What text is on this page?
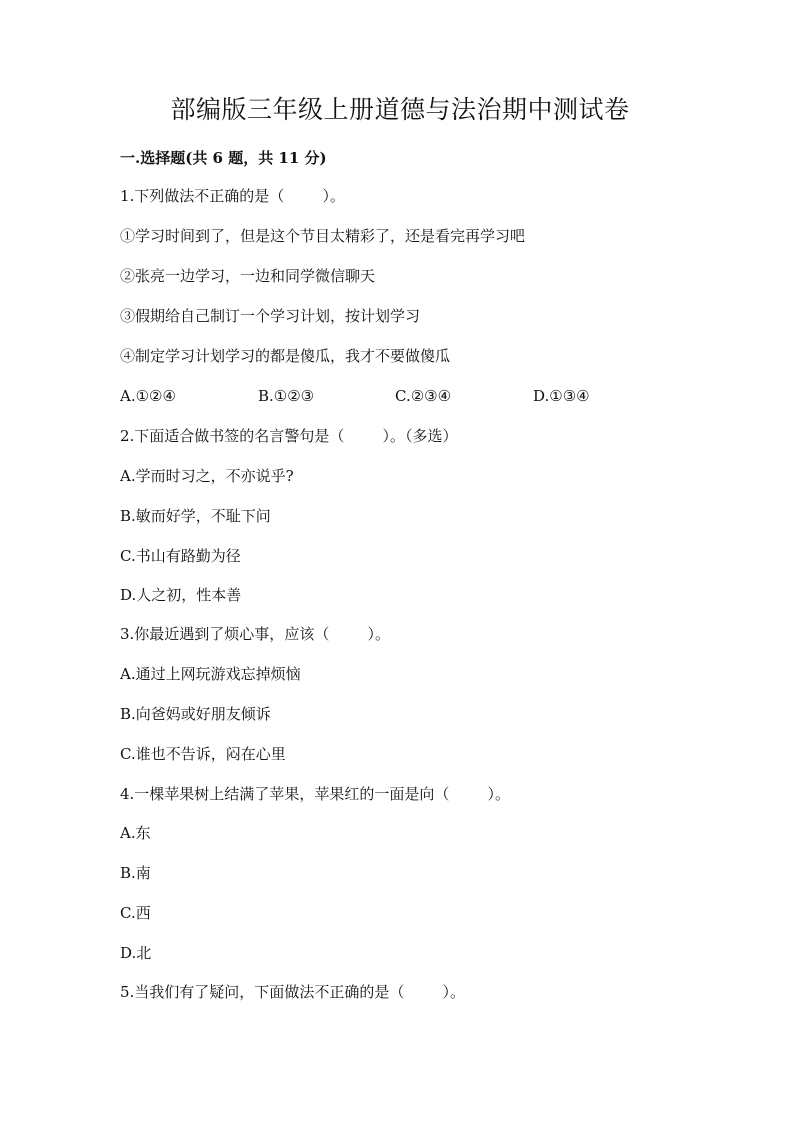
部编版三年级上册道德与法治期中测试卷
一.选择题(共 6 题，共 11 分)
1.下列做法不正确的是（        ）。
①学习时间到了，但是这个节目太精彩了，还是看完再学习吧
②张亮一边学习，一边和同学微信聊天
③假期给自己制订一个学习计划，按计划学习
④制定学习计划学习的都是傻瓜，我才不要做傻瓜
A.①②④	B.①②③	C.②③④	D.①③④
2.下面适合做书签的名言警句是（        ）。（多选）
A.学而时习之，不亦说乎?
B.敏而好学，不耻下问
C.书山有路勤为径
D.人之初，性本善
3.你最近遇到了烦心事，应该（        ）。
A.通过上网玩游戏忘掉烦恼
B.向爸妈或好朋友倾诉
C.谁也不告诉，闷在心里
4.一棵苹果树上结满了苹果，苹果红的一面是向（        ）。
A.东
B.南
C.西
D.北
5.当我们有了疑问，下面做法不正确的是（        ）。
